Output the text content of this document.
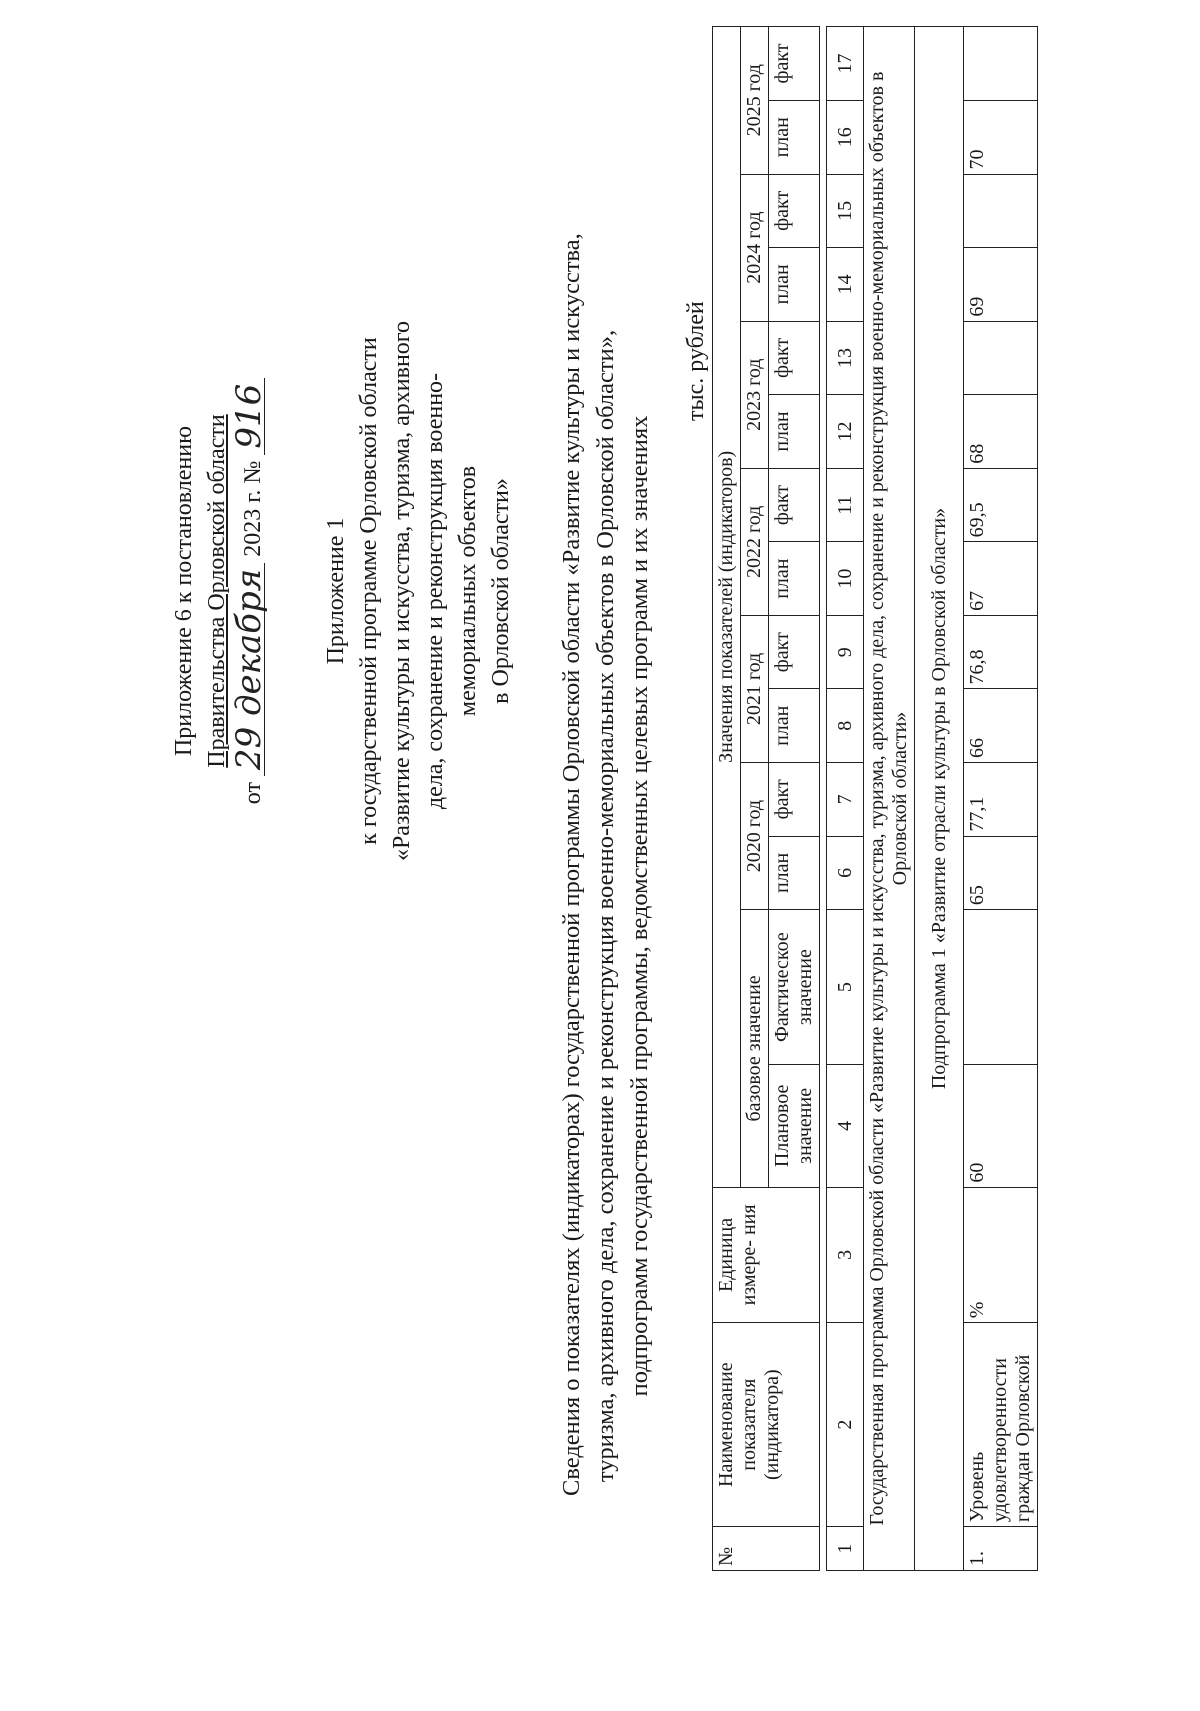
Приложение 6 к постановлению Правительства Орловской области
от 29 декабря 2023 г. № 916
Приложение 1 к государственной программе Орловской области «Развитие культуры и искусства, туризма, архивного дела, сохранение и реконструкция военно- мемориальных объектов в Орловской области» Сведения о показателях (индикаторах) государственной программы Орловской области «Развитие культуры и искусства, туризма, архивного дела, сохранение и реконструкция военно-мемориальных объектов в Орловской области», подпрограмм государственной программы, ведомственных целевых программ и их значениях
тыс. рублей
№	Наименование показателя (индикатора)	Единица измере- ния	Значения показателей (индикаторов)													
			базовое значение		2020 год		2021 год		2022 год		2023 год		2024 год		2025 год	
			Плановое значение	Фактическое значение	план	факт	план	факт	план	факт	план	факт	план	факт	план	факт

1	2	3	4	5	6	7	8	9	10	11	12	13	14	15	16	17
Государственная программа Орловской области «Развитие культуры и искусства, туризма, архивного дела, сохранение и реконструкция военно-мемориальных объектов в Орловской области»																
Подпрограмма 1 «Развитие отрасли культуры в Орловской области»																
1.	Уровень удовлетворенности граждан Орловской	%	60		65	77,1	66	76,8	67	69,5	68		69		70	
